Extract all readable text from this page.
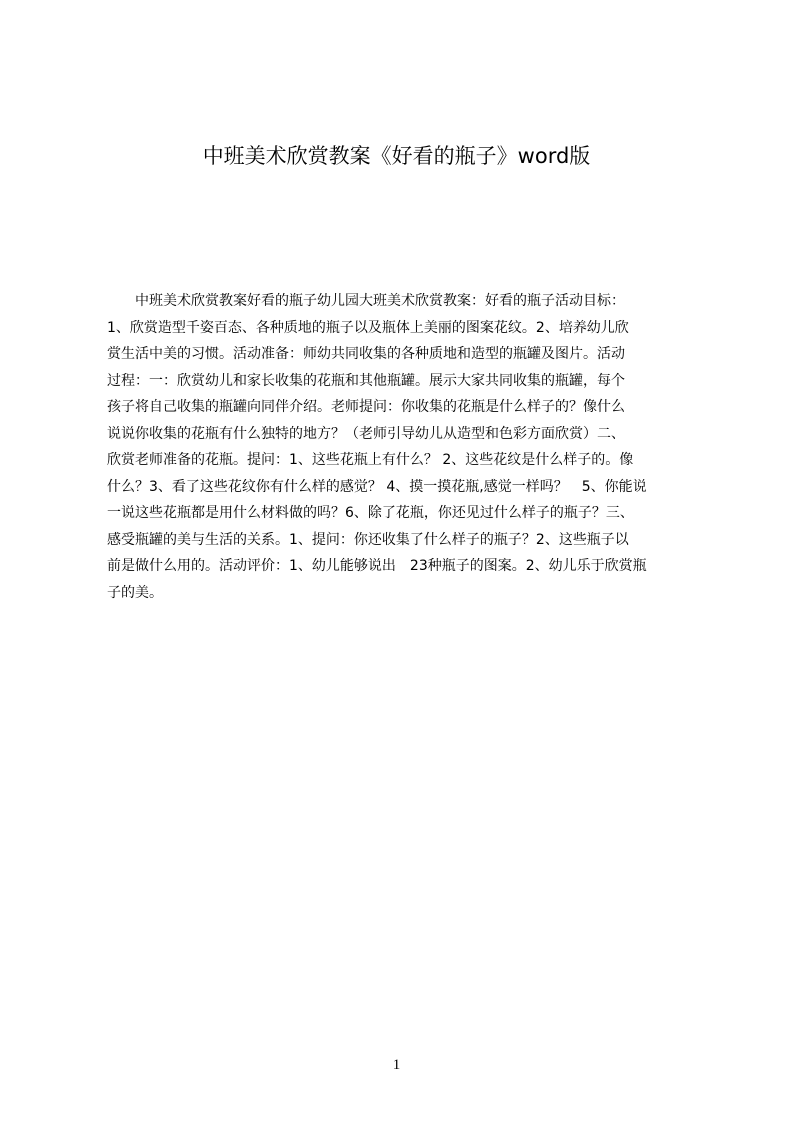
中班美术欣赏教案《好看的瓶子》word版
　　中班美术欣赏教案好看的瓶子幼儿园大班美术欣赏教案：好看的瓶子活动目标：
1、欣赏造型千姿百态、各种质地的瓶子以及瓶体上美丽的图案花纹。2、培养幼儿欣
赏生活中美的习惯。活动准备：师幼共同收集的各种质地和造型的瓶罐及图片。活动
过程：一：欣赏幼儿和家长收集的花瓶和其他瓶罐。展示大家共同收集的瓶罐，每个
孩子将自己收集的瓶罐向同伴介绍。老师提问：你收集的花瓶是什么样子的？像什么
说说你收集的花瓶有什么独特的地方？（老师引导幼儿从造型和色彩方面欣赏）二、
欣赏老师准备的花瓶。提问：1、这些花瓶上有什么？ 2、这些花纹是什么样子的。像
什么？3、看了这些花纹你有什么样的感觉？ 4、摸一摸花瓶,感觉一样吗？　5、你能说
一说这些花瓶都是用什么材料做的吗？6、除了花瓶，你还见过什么样子的瓶子？三、
感受瓶罐的美与生活的关系。1、提问：你还收集了什么样子的瓶子？2、这些瓶子以
前是做什么用的。活动评价：1、幼儿能够说出　23种瓶子的图案。2、幼儿乐于欣赏瓶
子的美。
1
